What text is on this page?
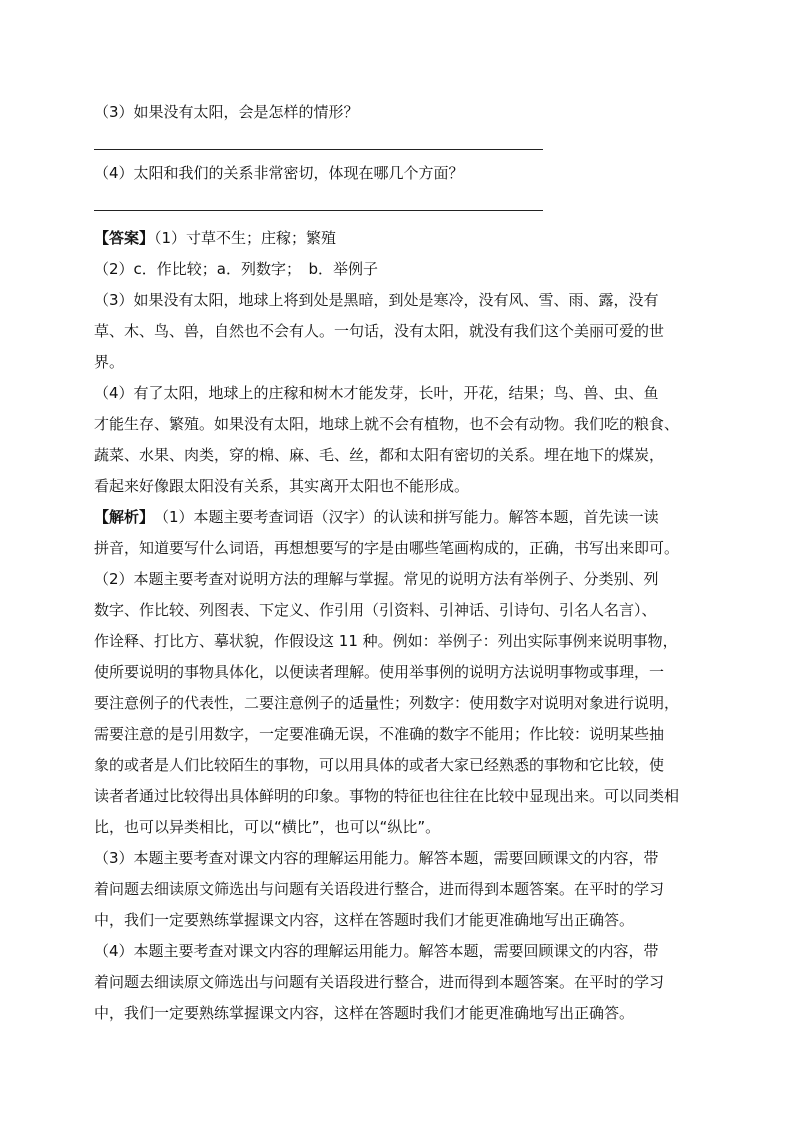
（3）如果没有太阳，会是怎样的情形？
（4）太阳和我们的关系非常密切，体现在哪几个方面？
【答案】（1）寸草不生；庄稼；繁殖
（2）c．作比较；a．列数字；　b．举例子
（3）如果没有太阳，地球上将到处是黑暗，到处是寒冷，没有风、雪、雨、露，没有
草、木、鸟、兽，自然也不会有人。一句话，没有太阳，就没有我们这个美丽可爱的世
界。
（4）有了太阳，地球上的庄稼和树木才能发芽，长叶，开花，结果；鸟、兽、虫、鱼
才能生存、繁殖。如果没有太阳，地球上就不会有植物，也不会有动物。我们吃的粮食、
蔬菜、水果、肉类，穿的棉、麻、毛、丝，都和太阳有密切的关系。埋在地下的煤炭，
看起来好像跟太阳没有关系，其实离开太阳也不能形成。
【解析】　（1）本题主要考查词语（汉字）的认读和拼写能力。解答本题，首先读一读
拼音，知道要写什么词语，再想想要写的字是由哪些笔画构成的，正确，书写出来即可。
（2）本题主要考查对说明方法的理解与掌握。常见的说明方法有举例子、分类别、列
数字、作比较、列图表、下定义、作引用（引资料、引神话、引诗句、引名人名言）、
作诠释、打比方、摹状貌，作假设这 11 种。例如：举例子：列出实际事例来说明事物，
使所要说明的事物具体化，以便读者理解。使用举事例的说明方法说明事物或事理，一
要注意例子的代表性，二要注意例子的适量性；列数字：使用数字对说明对象进行说明，
需要注意的是引用数字，一定要准确无误，不准确的数字不能用；作比较：说明某些抽
象的或者是人们比较陌生的事物，可以用具体的或者大家已经熟悉的事物和它比较，使
读者者通过比较得出具体鲜明的印象。事物的特征也往往在比较中显现出来。可以同类相
比，也可以异类相比，可以“横比”，也可以“纵比”。
（3）本题主要考查对课文内容的理解运用能力。解答本题，需要回顾课文的内容，带
着问题去细读原文筛选出与问题有关语段进行整合，进而得到本题答案。在平时的学习
中，我们一定要熟练掌握课文内容，这样在答题时我们才能更准确地写出正确答。
（4）本题主要考查对课文内容的理解运用能力。解答本题，需要回顾课文的内容，带
着问题去细读原文筛选出与问题有关语段进行整合，进而得到本题答案。在平时的学习
中，我们一定要熟练掌握课文内容，这样在答题时我们才能更准确地写出正确答。
